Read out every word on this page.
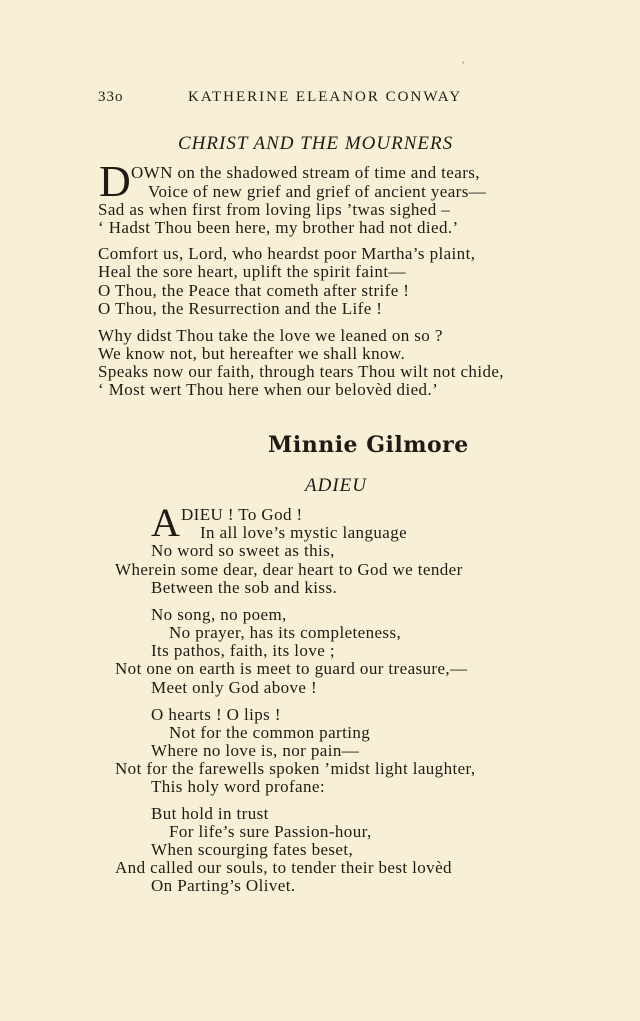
′
33o	KATHERINE ELEANOR CONWAY
CHRIST AND THE MOURNERS
D OWN on the shadowed stream of time and tears,
Voice of new grief and grief of ancient years—
Sad as when first from loving lips ’twas sighed –
‘ Hadst Thou been here, my brother had not died.’
Comfort us, Lord, who heardst poor Martha’s plaint,
Heal the sore heart, uplift the spirit faint—
O Thou, the Peace that cometh after strife !
O Thou, the Resurrection and the Life !
Why didst Thou take the love we leaned on so ?
We know not, but hereafter we shall know.
Speaks now our faith, through tears Thou wilt not chide,
‘ Most wert Thou here when our belovèd died.’
Minnie Gilmore
ADIEU
A DIEU ! To God !
In all love’s mystic language
No word so sweet as this,
Wherein some dear, dear heart to God we tender
Between the sob and kiss.
No song, no poem,
No prayer, has its completeness,
Its pathos, faith, its love ;
Not one on earth is meet to guard our treasure,—
Meet only God above !
O hearts ! O lips !
Not for the common parting
Where no love is, nor pain—
Not for the farewells spoken ’midst light laughter,
This holy word profane:
But hold in trust
For life’s sure Passion-hour,
When scourging fates beset,
And called our souls, to tender their best lovèd
On Parting’s Olivet.
